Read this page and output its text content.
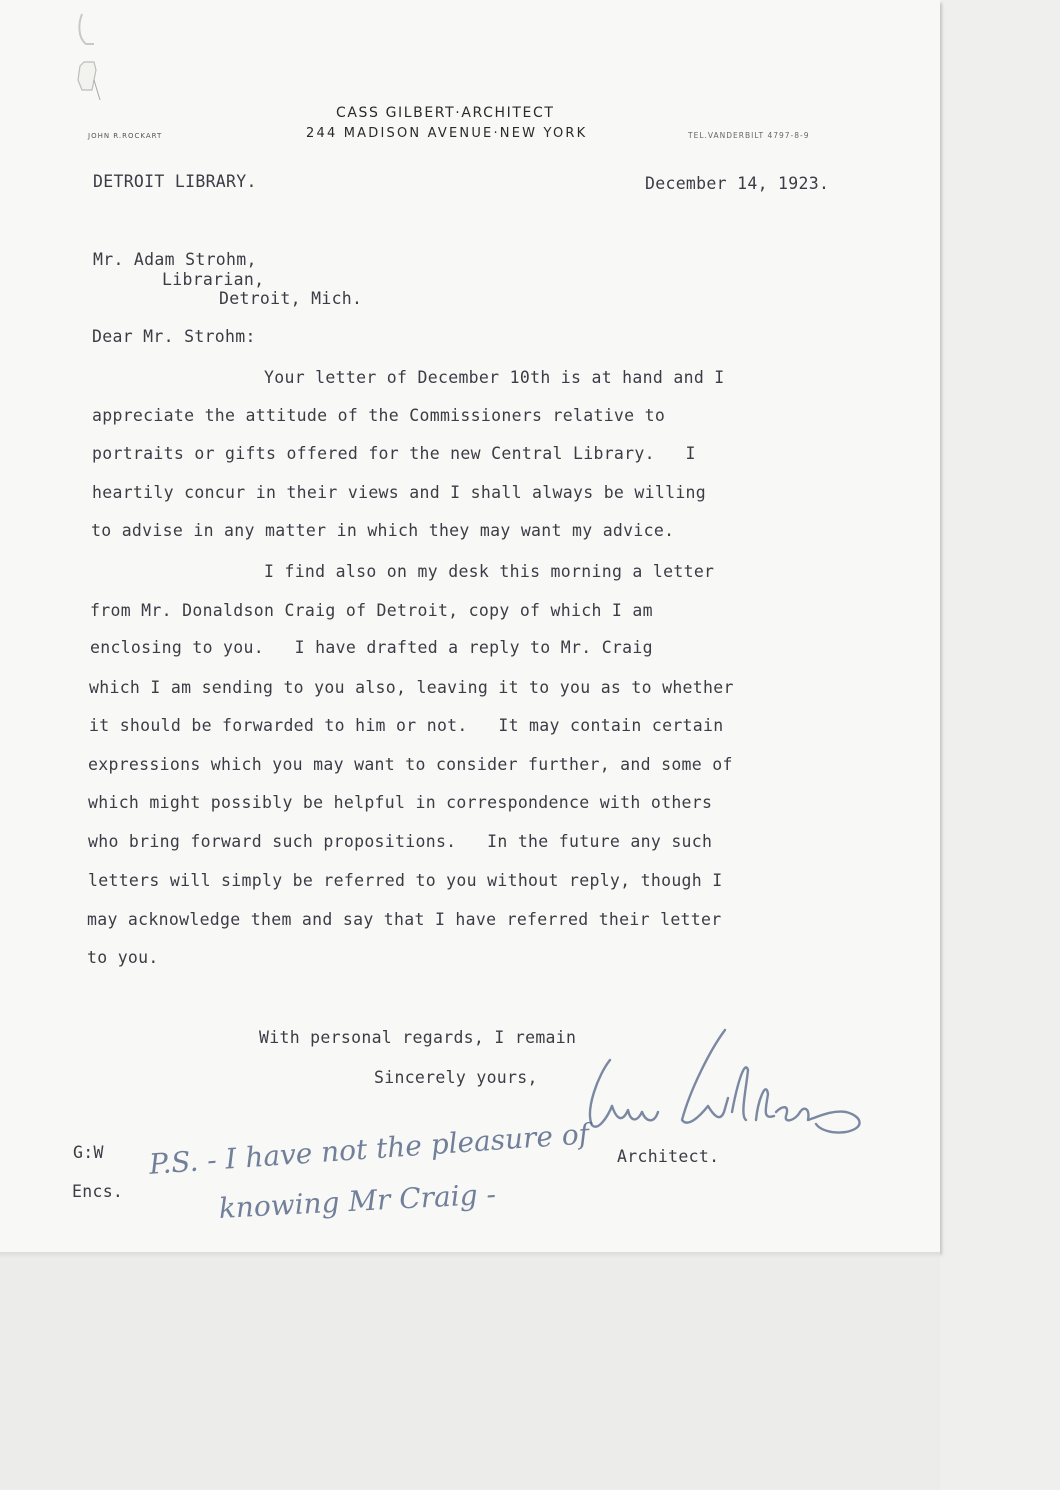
CASS GILBERT·ARCHITECT
244 MADISON AVENUE·NEW YORK
JOHN R.ROCKART	TEL.VANDERBILT 4797-8-9
DETROIT LIBRARY.	December 14, 1923.
Mr. Adam Strohm,
Librarian,
Detroit, Mich.
Dear Mr. Strohm:
Your letter of December 10th is at hand and I
appreciate the attitude of the Commissioners relative to
portraits or gifts offered for the new Central Library.   I
heartily concur in their views and I shall always be willing
to advise in any matter in which they may want my advice.
I find also on my desk this morning a letter
from Mr. Donaldson Craig of Detroit, copy of which I am
enclosing to you.   I have drafted a reply to Mr. Craig
which I am sending to you also, leaving it to you as to whether
it should be forwarded to him or not.   It may contain certain
expressions which you may want to consider further, and some of
which might possibly be helpful in correspondence with others
who bring forward such propositions.   In the future any such
letters will simply be referred to you without reply, though I
may acknowledge them and say that I have referred their letter
to you.
With personal regards, I remain
Sincerely yours,
Architect.
G:W
Encs.
P.S. - I have not the pleasure of
knowing Mr Craig -
